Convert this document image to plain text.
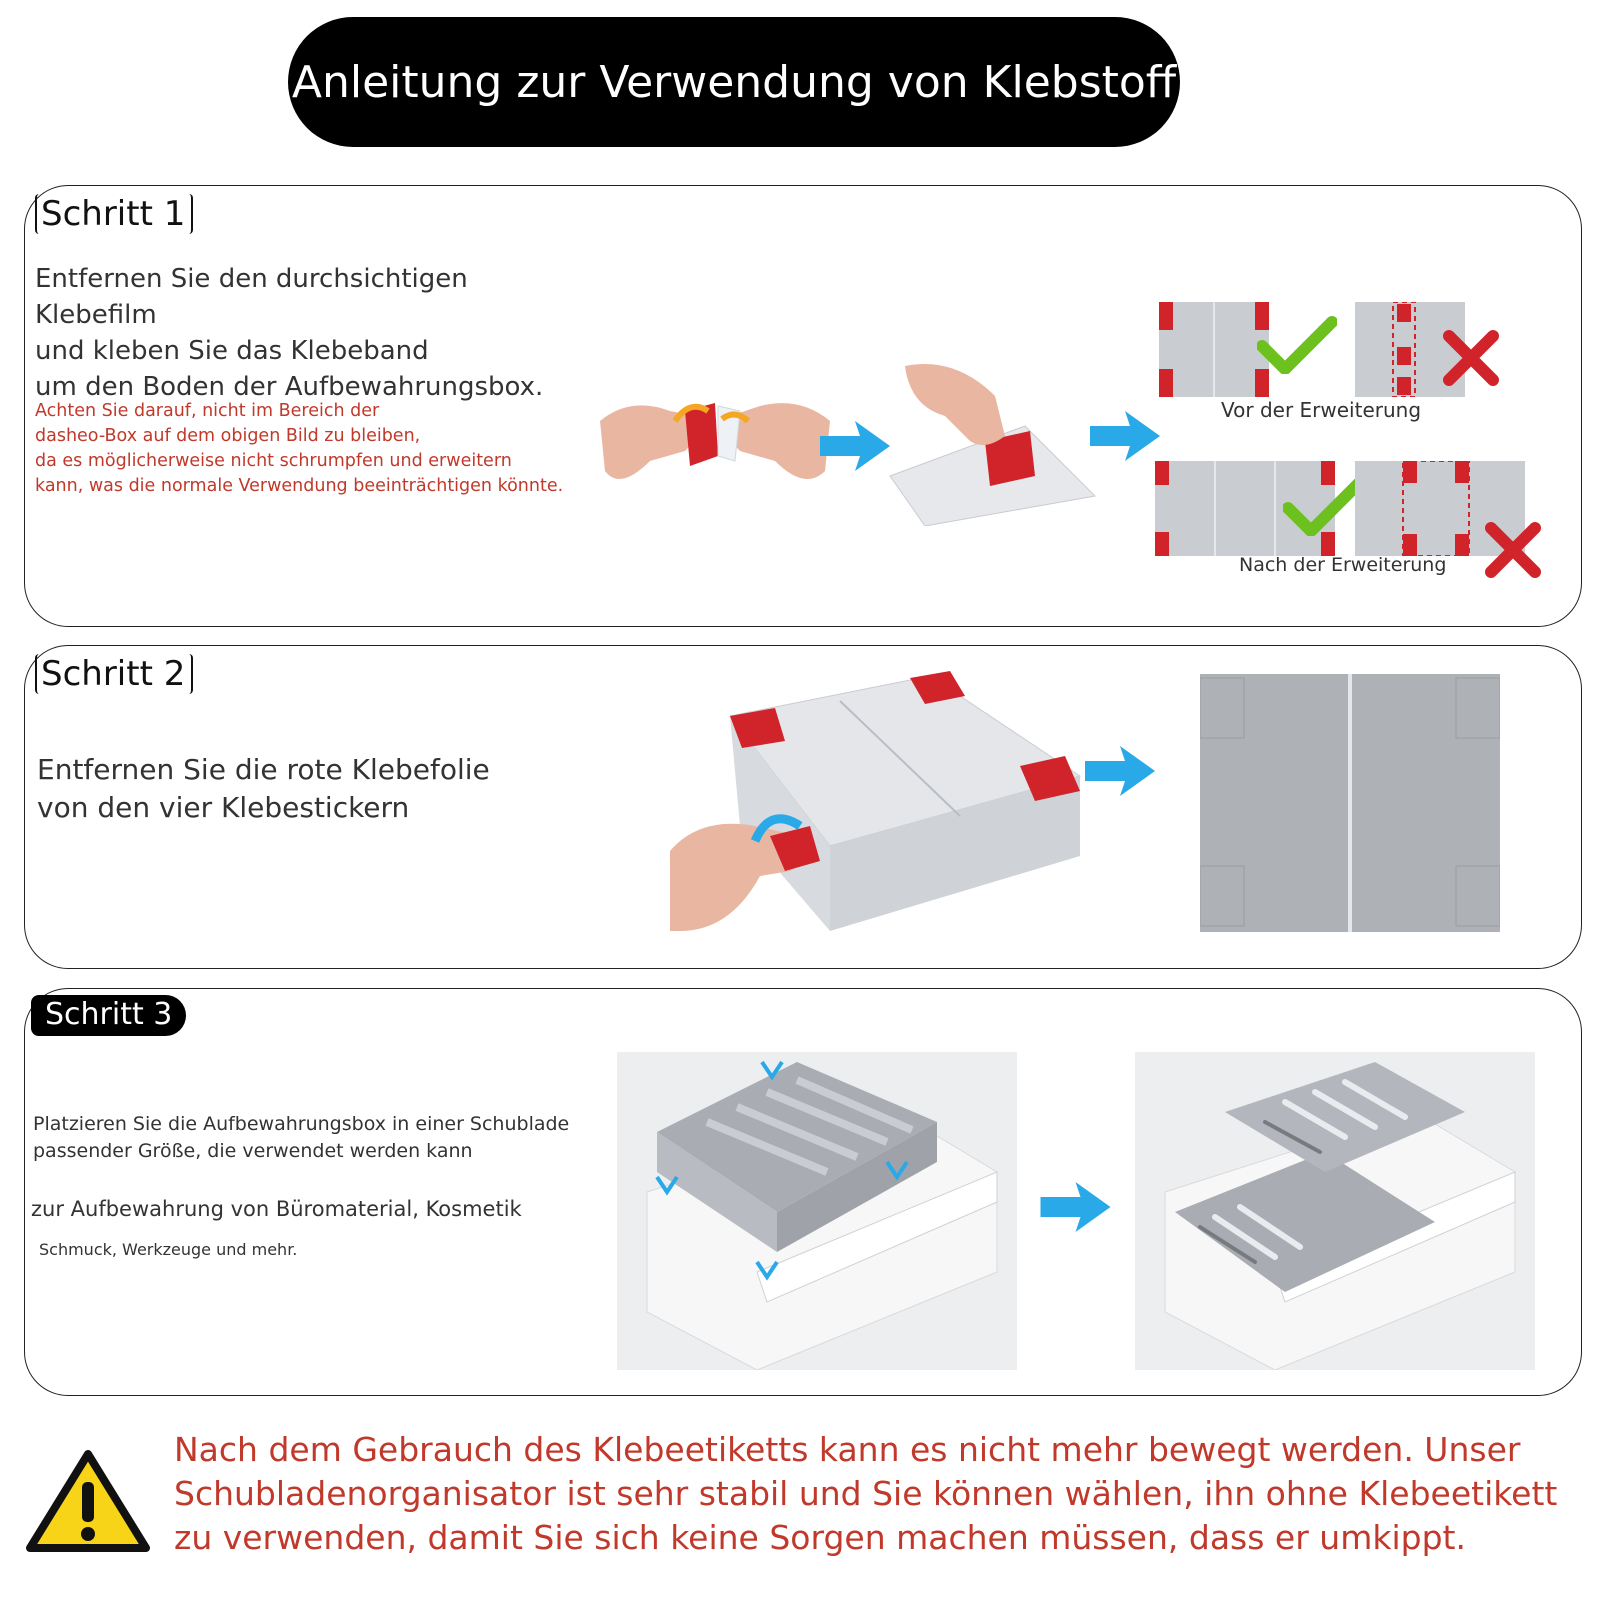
Anleitung zur Verwendung von Klebstoff
Schritt 1
Entfernen Sie den durchsichtigen Klebefilm
und kleben Sie das Klebeband
um den Boden der Aufbewahrungsbox.
Achten Sie darauf, nicht im Bereich der
dasheo-Box auf dem obigen Bild zu bleiben,
da es möglicherweise nicht schrumpfen und erweitern
kann, was die normale Verwendung beeinträchtigen könnte.
Vor der Erweiterung
Nach der Erweiterung
Schritt 2
Entfernen Sie die rote Klebefolie
von den vier Klebestickern
Schritt 3
Platzieren Sie die Aufbewahrungsbox in einer Schublade
passender Größe, die verwendet werden kann
zur Aufbewahrung von Büromaterial, Kosmetik
Schmuck, Werkzeuge und mehr.
Nach dem Gebrauch des Klebeetiketts kann es nicht mehr bewegt werden. Unser Schubladenorganisator ist sehr stabil und Sie können wählen, ihn ohne Klebeetikett zu verwenden, damit Sie sich keine Sorgen machen müssen, dass er umkippt.
